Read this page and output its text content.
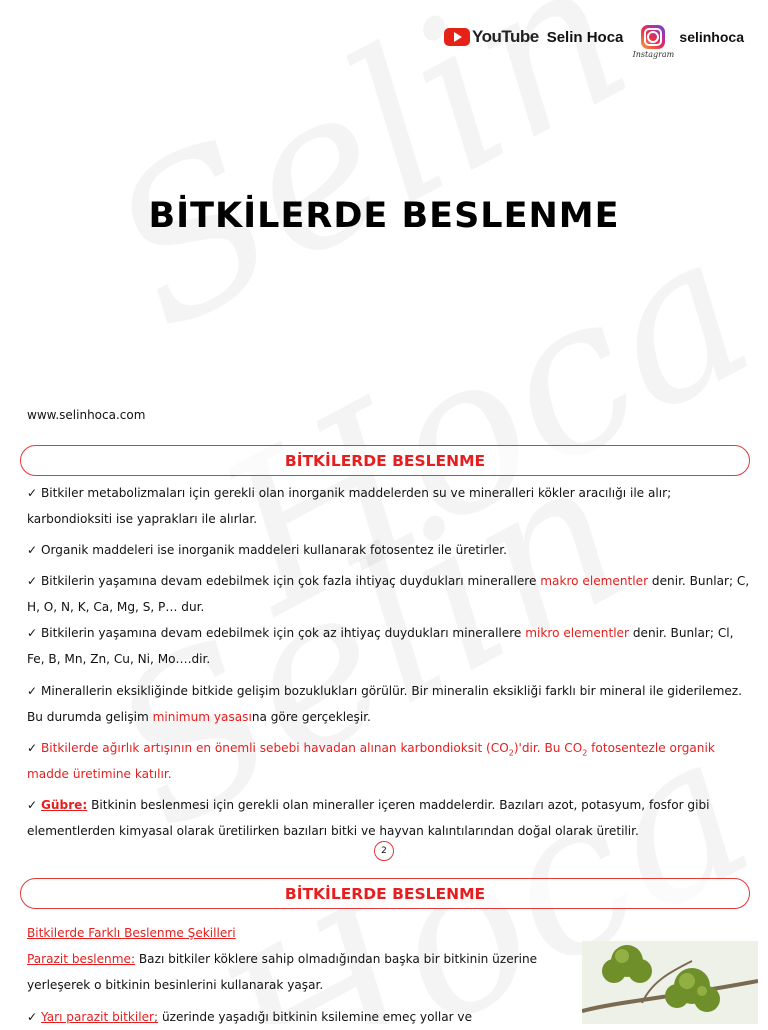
YouTube Selin Hoca
Instagram
selinhoca
BİTKİLERDE BESLENME
www.selinhoca.com
BİTKİLERDE BESLENME

✓ Bitkiler metabolizmaları için gerekli olan inorganik maddelerden su ve mineralleri kökler aracılığı ile alır; karbondioksiti ise yaprakları ile alırlar.

✓ Organik maddeleri ise inorganik maddeleri kullanarak fotosentez ile üretirler.

✓ Bitkilerin yaşamına devam edebilmek için çok fazla ihtiyaç duydukları minerallere makro elementler denir. Bunlar; C, H, O, N, K, Ca, Mg, S, P… dur.

✓ Bitkilerin yaşamına devam edebilmek için çok az ihtiyaç duydukları minerallere mikro elementler denir. Bunlar; Cl, Fe, B, Mn, Zn, Cu, Ni, Mo….dir.

✓ Minerallerin eksikliğinde bitkide gelişim bozuklukları görülür. Bir mineralin eksikliği farklı bir mineral ile giderilemez. Bu durumda gelişim minimum yasasına göre gerçekleşir.

✓ Bitkilerde ağırlık artışının en önemli sebebi havadan alınan karbondioksit $(CO_2)'dir$. Bu $CO_2$ fotosentezle organik madde üretimine katılır.

✓ Gübre: Bitkinin beslenmesi için gerekli olan mineraller içeren maddelerdir. Bazıları azot, potasyum, fosfor gibi elementlerden kimyasal olarak üretilirken bazıları bitki ve hayvan kalıntılarından doğal olarak üretilir.

2
BİTKİLERDE BESLENME

Bitkilerde Farklı Beslenme Şekilleri

Parazit beslenme: Bazı bitkiler köklere sahip olmadığından başka bir bitkinin üzerine yerleşerek o bitkinin besinlerini kullanarak yaşar.

✓ Yarı parazit bitkiler; üzerinde yaşadığı bitkinin ksilemine emeç yollar ve
